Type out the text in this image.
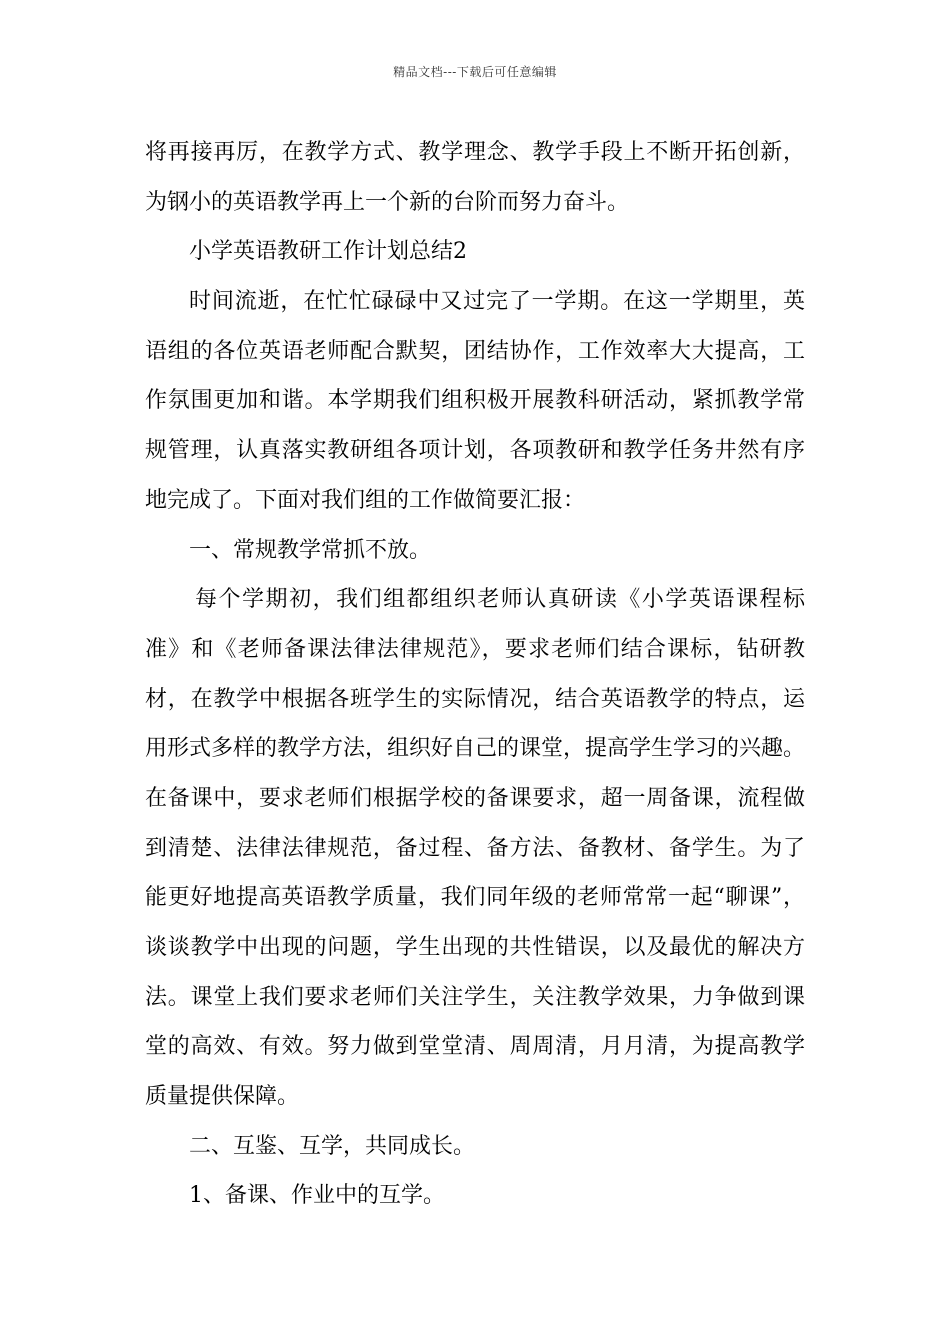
精品文档---下载后可任意编辑
将再接再厉，在教学方式、教学理念、教学手段上不断开拓创新，
为钢小的英语教学再上一个新的台阶而努力奋斗。
小学英语教研工作计划总结2
时间流逝，在忙忙碌碌中又过完了一学期。在这一学期里，英
语组的各位英语老师配合默契，团结协作，工作效率大大提高，工
作氛围更加和谐。本学期我们组积极开展教科研活动，紧抓教学常
规管理，认真落实教研组各项计划，各项教研和教学任务井然有序
地完成了。下面对我们组的工作做简要汇报：
一、常规教学常抓不放。
每个学期初，我们组都组织老师认真研读《小学英语课程标
准》和《老师备课法律法律规范》，要求老师们结合课标，钻研教
材，在教学中根据各班学生的实际情况，结合英语教学的特点，运
用形式多样的教学方法，组织好自己的课堂，提高学生学习的兴趣。
在备课中，要求老师们根据学校的备课要求，超一周备课，流程做
到清楚、法律法律规范，备过程、备方法、备教材、备学生。为了
能更好地提高英语教学质量，我们同年级的老师常常一起“聊课”，
谈谈教学中出现的问题，学生出现的共性错误，以及最优的解决方
法。课堂上我们要求老师们关注学生，关注教学效果，力争做到课
堂的高效、有效。努力做到堂堂清、周周清，月月清，为提高教学
质量提供保障。
二、互鉴、互学，共同成长。
1、备课、作业中的互学。
